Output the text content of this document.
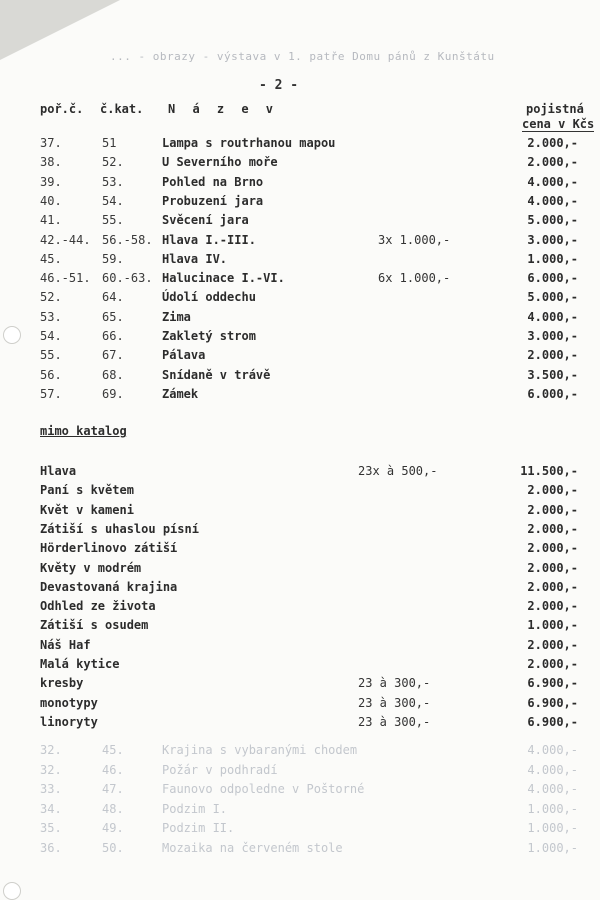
... - obrazy - výstava v 1. patře Domu pánů z Kunštátu
- 2 -
poř.č. č.kat. N á z e v	pojistná
cena v Kčs
37.	51	Lampa s routrhanou mapou	2.000,-
38.	52.	U Severního moře	2.000,-
39.	53.	Pohled na Brno	4.000,-
40.	54.	Probuzení jara	4.000,-
41.	55.	Svěcení jara	5.000,-
42.-44. 56.-58. Hlava I.-III.	3x 1.000,-	3.000,-
45.	59.	Hlava IV.	1.000,-
46.-51. 60.-63. Halucinace I.-VI.	6x 1.000,-	6.000,-
52.	64.	Údolí oddechu	5.000,-
53.	65.	Zima	4.000,-
54.	66.	Zakletý strom	3.000,-
55.	67.	Pálava	2.000,-
56.	68.	Snídaně v trávě	3.500,-
57.	69.	Zámek	6.000,-
mimo katalog
Hlava	23x à 500,-	11.500,-
Paní s květem	2.000,-
Květ v kameni	2.000,-
Zátiší s uhaslou písní	2.000,-
Hörderlinovo zátiší	2.000,-
Květy v modrém	2.000,-
Devastovaná krajina	2.000,-
Odhled ze života	2.000,-
Zátiší s osudem	1.000,-
Náš Haf	2.000,-
Malá kytice	2.000,-
kresby	23 à 300,-	6.900,-
monotypy	23 à 300,-	6.900,-
linoryty	23 à 300,-	6.900,-
32.	45.	Krajina s vybaranými chodem	4.000,-
32.	46.	Požár v podhradí	4.000,-
33.	47.	Faunovo odpoledne v Poštorné	4.000,-
34.	48.	Podzim I.	1.000,-
35.	49.	Podzim II.	1.000,-
36.	50.	Mozaika na červeném stole	1.000,-
